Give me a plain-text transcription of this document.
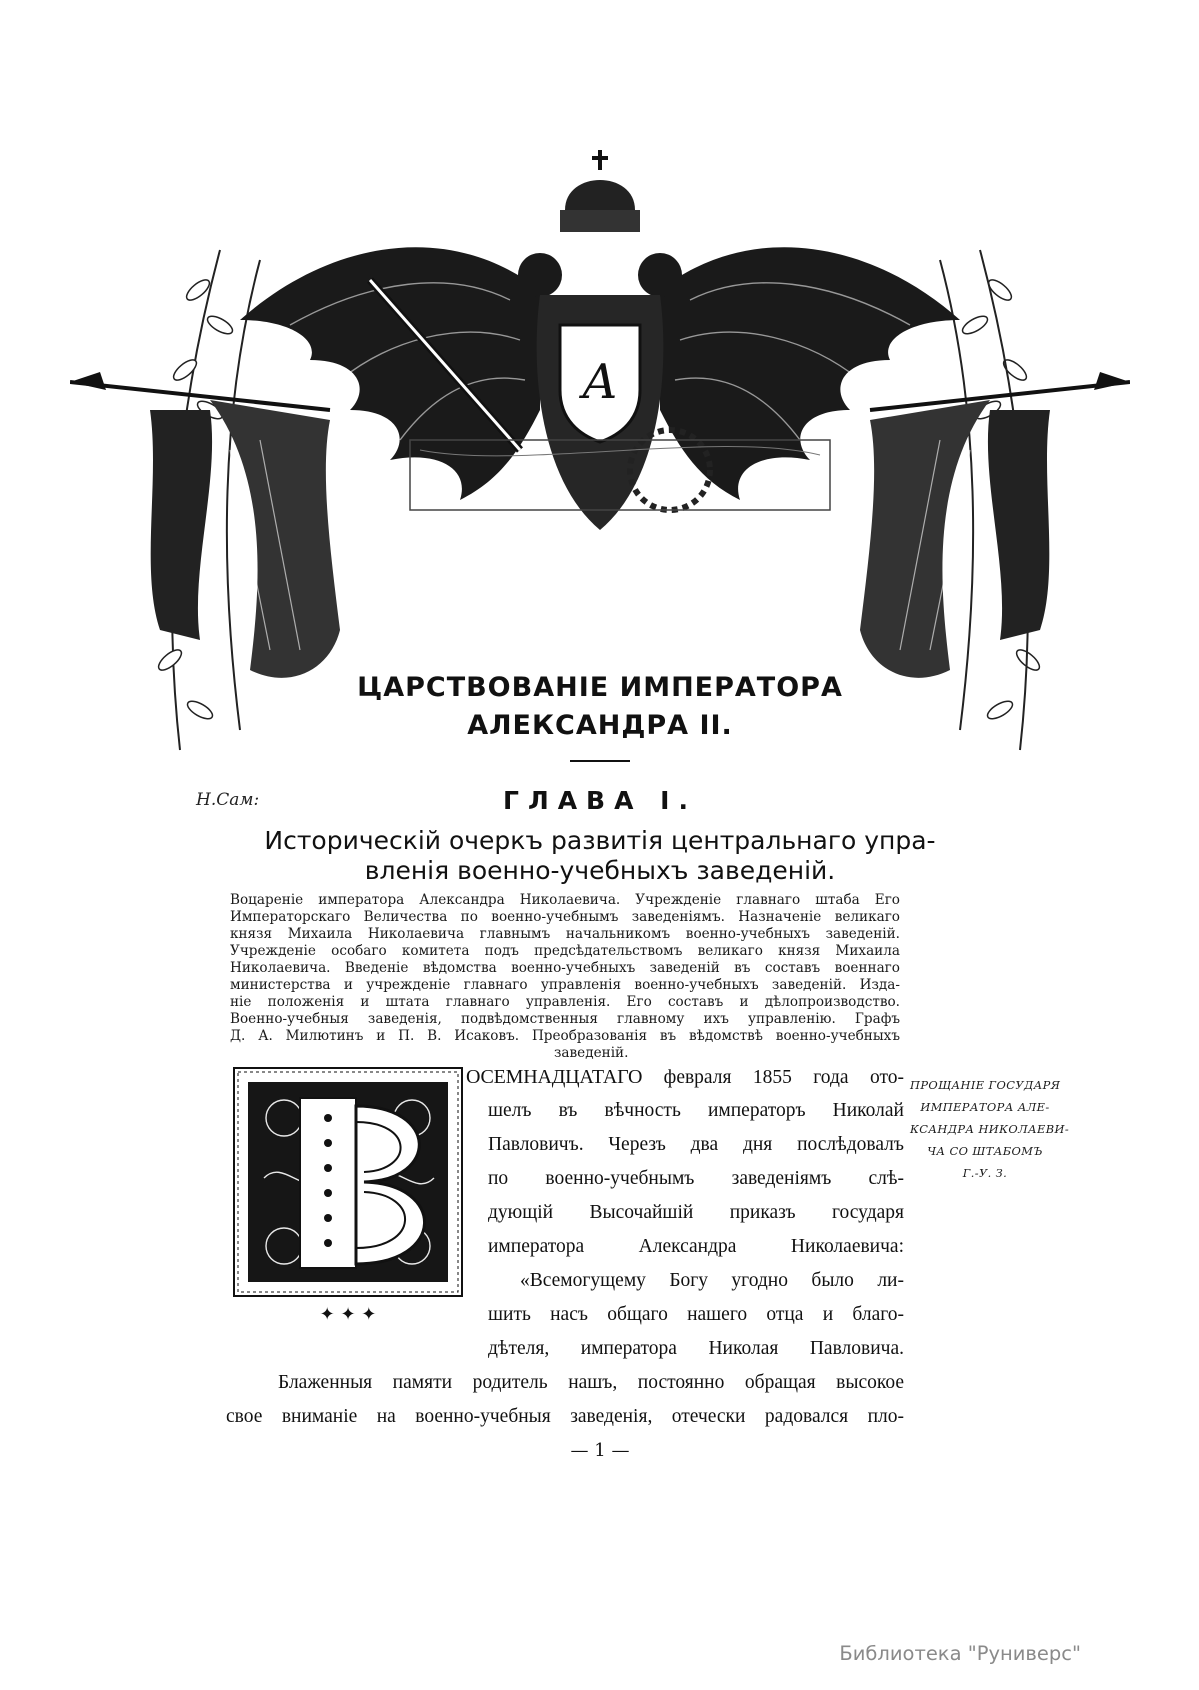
A
ЦАРСТВОВАНІЕ ИМПЕРАТОРА
АЛЕКСАНДРА II.
Н.Сам:	ГЛАВА I.
Историческій очеркъ развитія центральнаго упра-
вленія военно-учебныхъ заведеній.
Воцареніе императора Александра Николаевича. Учрежденіе главнаго штаба Его
Императорскаго Величества по военно-учебнымъ заведеніямъ. Назначеніе великаго
князя Михаила Николаевича главнымъ начальникомъ военно-учебныхъ заведеній.
Учрежденіе особаго комитета подъ предсѣдательствомъ великаго князя Михаила
Николаевича. Введеніе вѣдомства военно-учебныхъ заведеній въ составъ военнаго
министерства и учрежденіе главнаго управленія военно-учебныхъ заведеній. Изда-
ніе положенія и штата главнаго управленія. Его составъ и дѣлопроизводство.
Военно-учебныя заведенія, подвѣдомственныя главному ихъ управленію. Графъ
Д. А. Милютинъ и П. В. Исаковъ. Преобразованія въ вѣдомствѣ военно-учебныхъ
заведеній.
✦ ✦ ✦
ОСЕМНАДЦАТАГО февраля 1855 года ото-
шелъ въ вѣчность императоръ Николай
Павловичъ. Черезъ два дня послѣдовалъ
по военно-учебнымъ заведеніямъ слѣ-
дующій Высочайшій приказъ государя
императора Александра Николаевича:
«Всемогущему Богу угодно было ли-
шить насъ общаго нашего отца и благо-
дѣтеля, императора Николая Павловича.
Блаженныя памяти родитель нашъ, постоянно обращая высокое
свое вниманіе на военно-учебныя заведенія, отечески радовался пло-
ПРОЩАНІЕ ГОСУДАРЯ
ИМПЕРАТОРА АЛЕ-
КСАНДРА НИКОЛАЕВИ-
ЧА СО ШТАБОМЪ
Г.-У. З.
— 1 —
Библиотека "Руниверс"
